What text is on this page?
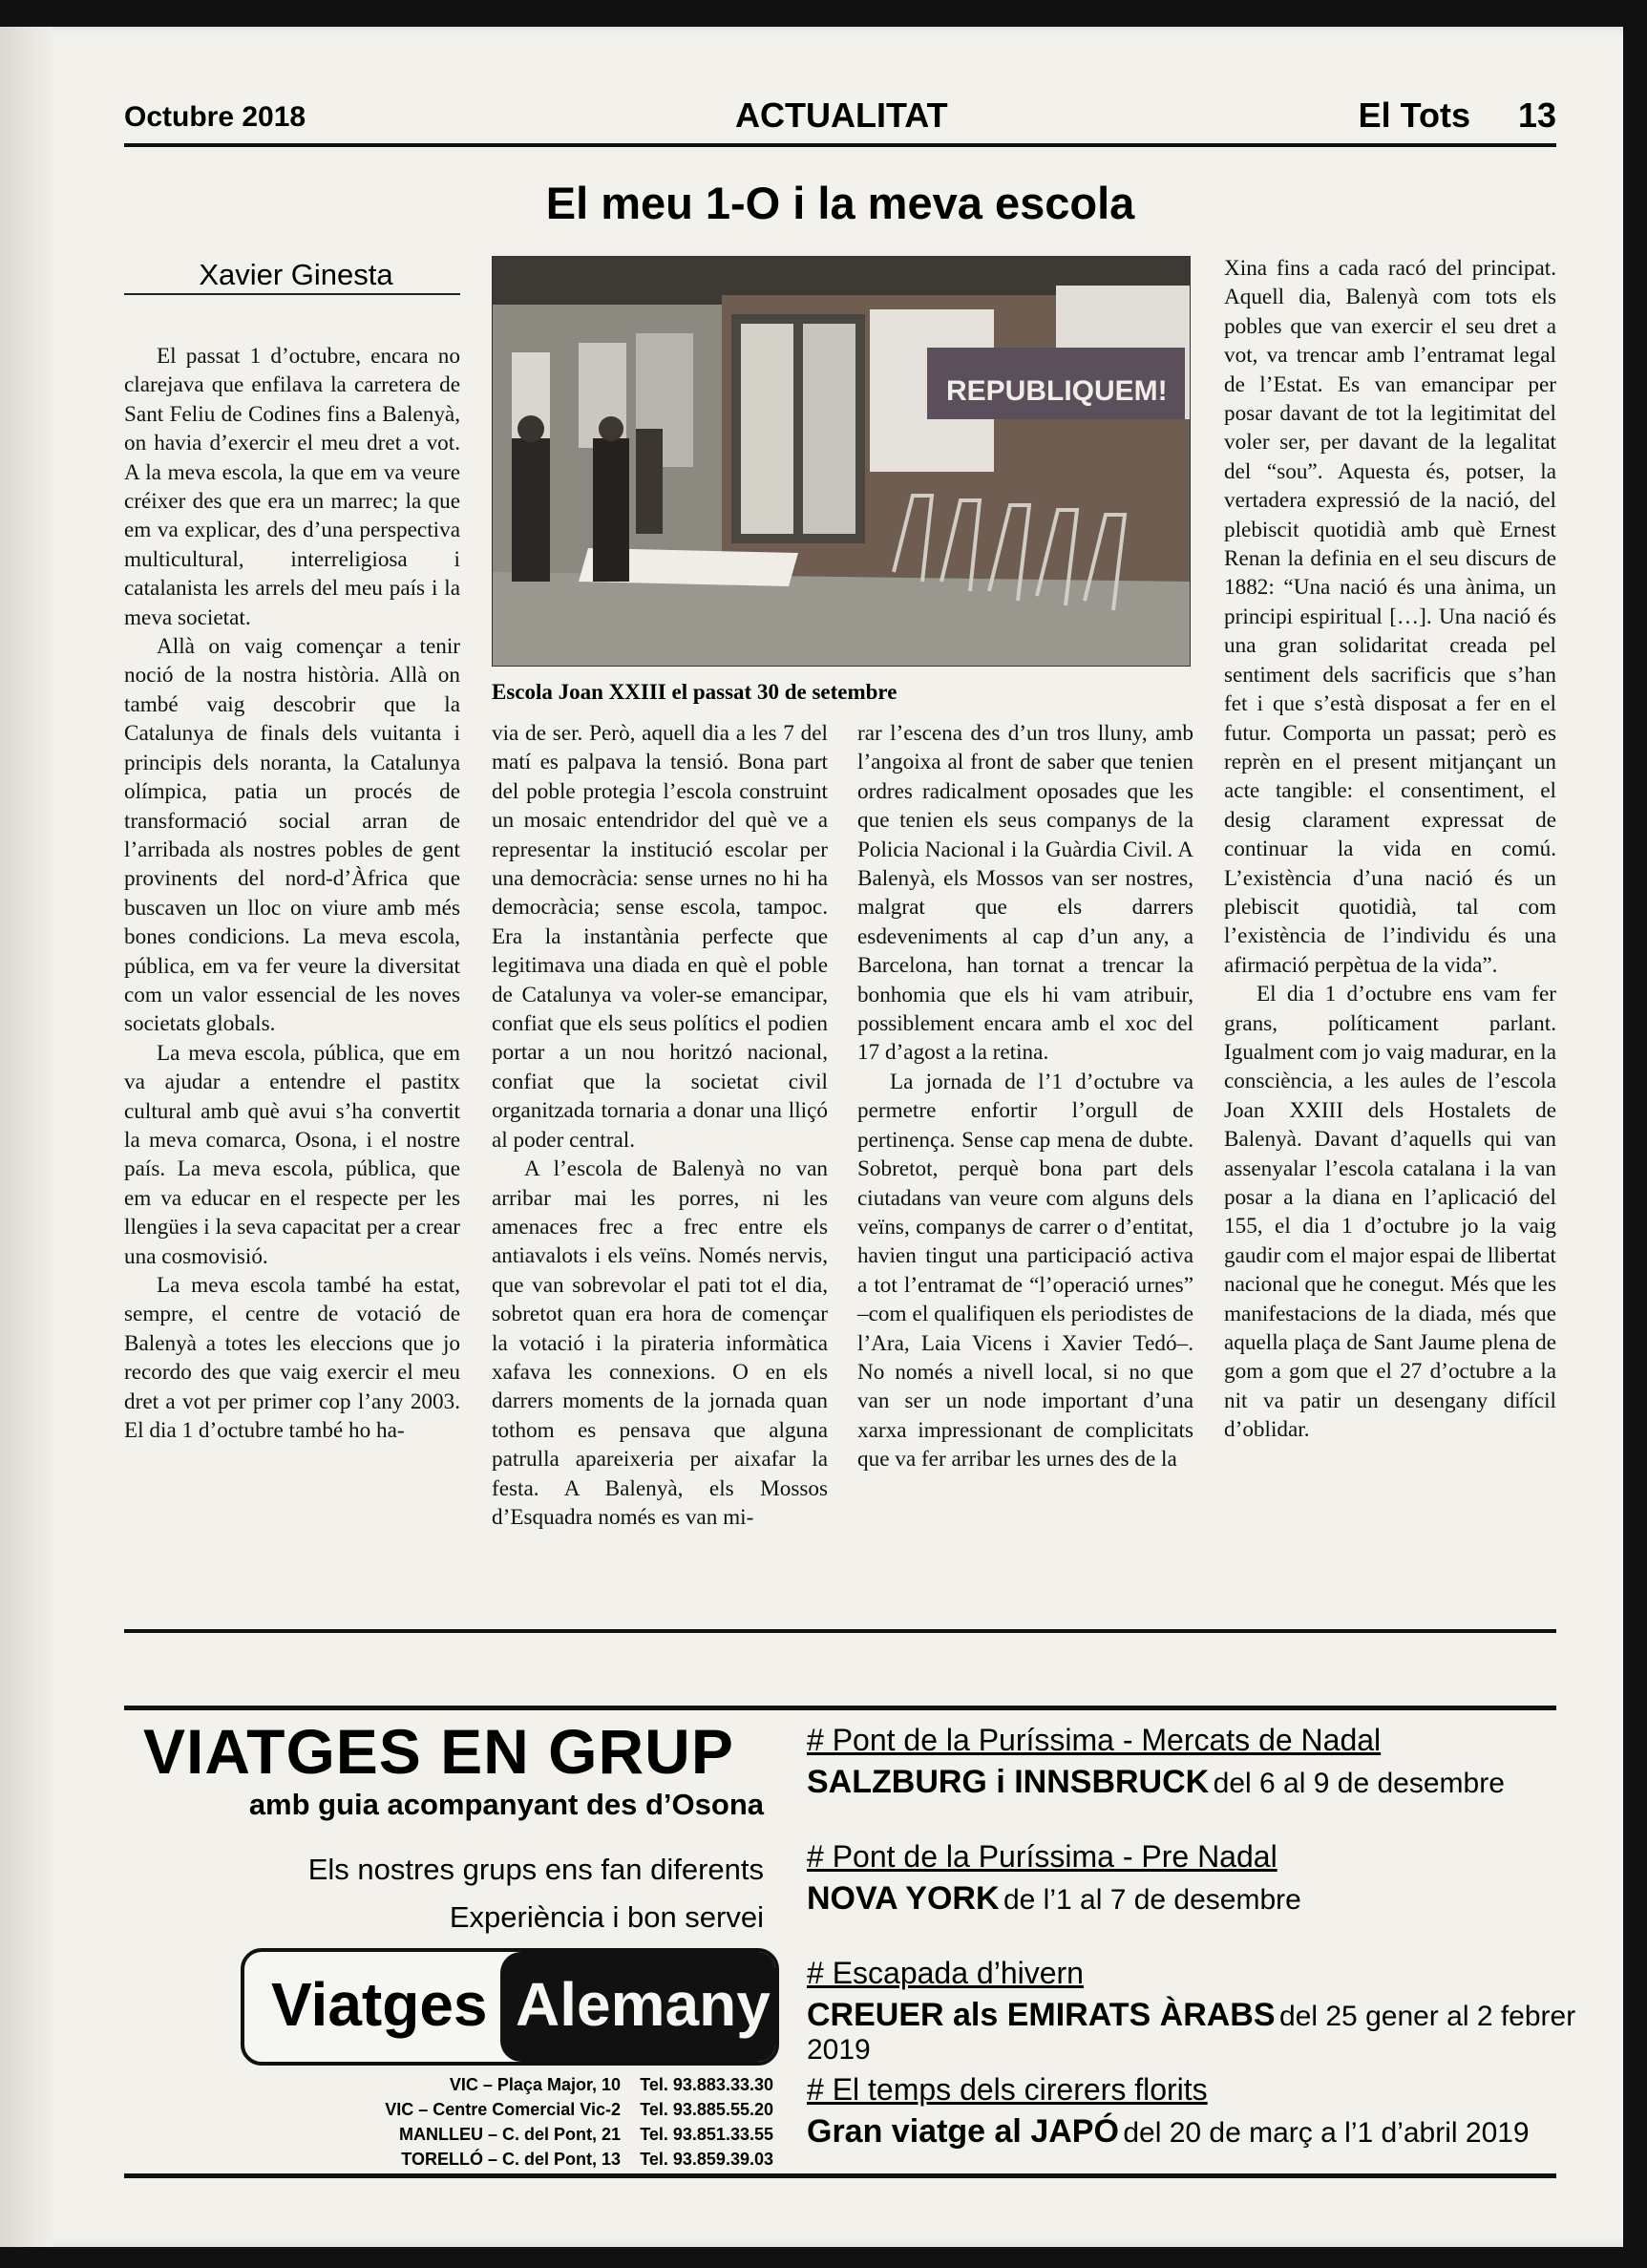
Octubre 2018	ACTUALITAT	El Tots 13
El meu 1-O i la meva escola
Xavier Ginesta
REPUBLIQUEM!
Escola Joan XXIII el passat 30 de setembre

El passat 1 d’octubre, encara no clarejava que enfilava la carretera de Sant Feliu de Codines fins a Balenyà, on havia d’exercir el meu dret a vot. A la meva escola, la que em va veure créixer des que era un marrec; la que em va explicar, des d’una perspectiva multicultural, interreligiosa i catalanista les arrels del meu país i la meva societat.

Allà on vaig començar a tenir noció de la nostra història. Allà on també vaig descobrir que la Catalunya de finals dels vuitanta i principis dels noranta, la Catalunya olímpica, patia un procés de transformació social arran de l’arribada als nostres pobles de gent provinents del nord-d’Àfrica que buscaven un lloc on viure amb més bones condicions. La meva escola, pública, em va fer veure la diversitat com un valor essencial de les noves societats globals.

La meva escola, pública, que em va ajudar a entendre el pastitx cultural amb què avui s’ha convertit la meva comarca, Osona, i el nostre país. La meva escola, pública, que em va educar en el respecte per les llengües i la seva capacitat per a crear una cosmovisió.

La meva escola també ha estat, sempre, el centre de votació de Balenyà a totes les eleccions que jo recordo des que vaig exercir el meu dret a vot per primer cop l’any 2003. El dia 1 d’octubre també ho ha-

via de ser. Però, aquell dia a les 7 del matí es palpava la tensió. Bona part del poble protegia l’escola construint un mosaic entendridor del què ve a representar la institució escolar per una democràcia: sense urnes no hi ha democràcia; sense escola, tampoc. Era la instantània perfecte que legitimava una diada en què el poble de Catalunya va voler-se emancipar, confiat que els seus polítics el podien portar a un nou horitzó nacional, confiat que la societat civil organitzada tornaria a donar una lliçó al poder central.

A l’escola de Balenyà no van arribar mai les porres, ni les amenaces frec a frec entre els antiavalots i els veïns. Només nervis, que van sobrevolar el pati tot el dia, sobretot quan era hora de començar la votació i la pirateria informàtica xafava les connexions. O en els darrers moments de la jornada quan tothom es pensava que alguna patrulla apareixeria per aixafar la festa. A Balenyà, els Mossos d’Esquadra només es van mi-

rar l’escena des d’un tros lluny, amb l’angoixa al front de saber que tenien ordres radicalment oposades que les que tenien els seus companys de la Policia Nacional i la Guàrdia Civil. A Balenyà, els Mossos van ser nostres, malgrat que els darrers esdeveniments al cap d’un any, a Barcelona, han tornat a trencar la bonhomia que els hi vam atribuir, possiblement encara amb el xoc del 17 d’agost a la retina.

La jornada de l’1 d’octubre va permetre enfortir l’orgull de pertinença. Sense cap mena de dubte. Sobretot, perquè bona part dels ciutadans van veure com alguns dels veïns, companys de carrer o d’entitat, havien tingut una participació activa a tot l’entramat de “l’operació urnes” –com el qualifiquen els periodistes de l’Ara, Laia Vicens i Xavier Tedó–. No només a nivell local, si no que van ser un node important d’una xarxa impressionant de complicitats que va fer arribar les urnes des de la

Xina fins a cada racó del principat. Aquell dia, Balenyà com tots els pobles que van exercir el seu dret a vot, va trencar amb l’entramat legal de l’Estat. Es van emancipar per posar davant de tot la legitimitat del voler ser, per davant de la legalitat del “sou”. Aquesta és, potser, la vertadera expressió de la nació, del plebiscit quotidià amb què Ernest Renan la definia en el seu discurs de 1882: “Una nació és una ànima, un principi espiritual […]. Una nació és una gran solidaritat creada pel sentiment dels sacrificis que s’han fet i que s’està disposat a fer en el futur. Comporta un passat; però es reprèn en el present mitjançant un acte tangible: el consentiment, el desig clarament expressat de continuar la vida en comú. L’existència d’una nació és un plebiscit quotidià, tal com l’existència de l’individu és una afirmació perpètua de la vida”.

El dia 1 d’octubre ens vam fer grans, políticament parlant. Igualment com jo vaig madurar, en la consciència, a les aules de l’escola Joan XXIII dels Hostalets de Balenyà. Davant d’aquells qui van assenyalar l’escola catalana i la van posar a la diana en l’aplicació del 155, el dia 1 d’octubre jo la vaig gaudir com el major espai de llibertat nacional que he conegut. Més que les manifestacions de la diada, més que aquella plaça de Sant Jaume plena de gom a gom que el 27 d’octubre a la nit va patir un desengany difícil d’oblidar.

VIATGES EN GRUP
amb guia acompanyant des d’Osona
Els nostres grups ens fan diferents
Experiència i bon servei
Viatges Alemany
VIC – Plaça Major, 10	Tel. 93.883.33.30
VIC – Centre Comercial Vic-2	Tel. 93.885.55.20
MANLLEU – C. del Pont, 21	Tel. 93.851.33.55
TORELLÓ – C. del Pont, 13	Tel. 93.859.39.03
# Pont de la Puríssima - Mercats de Nadal
SALZBURG i INNSBRUCK del 6 al 9 de desembre
# Pont de la Puríssima - Pre Nadal
NOVA YORK de l’1 al 7 de desembre
# Escapada d’hivern
CREUER als EMIRATS ÀRABS del 25 gener al 2 febrer 2019
# El temps dels cirerers florits
Gran viatge al JAPÓ del 20 de març a l’1 d’abril 2019
